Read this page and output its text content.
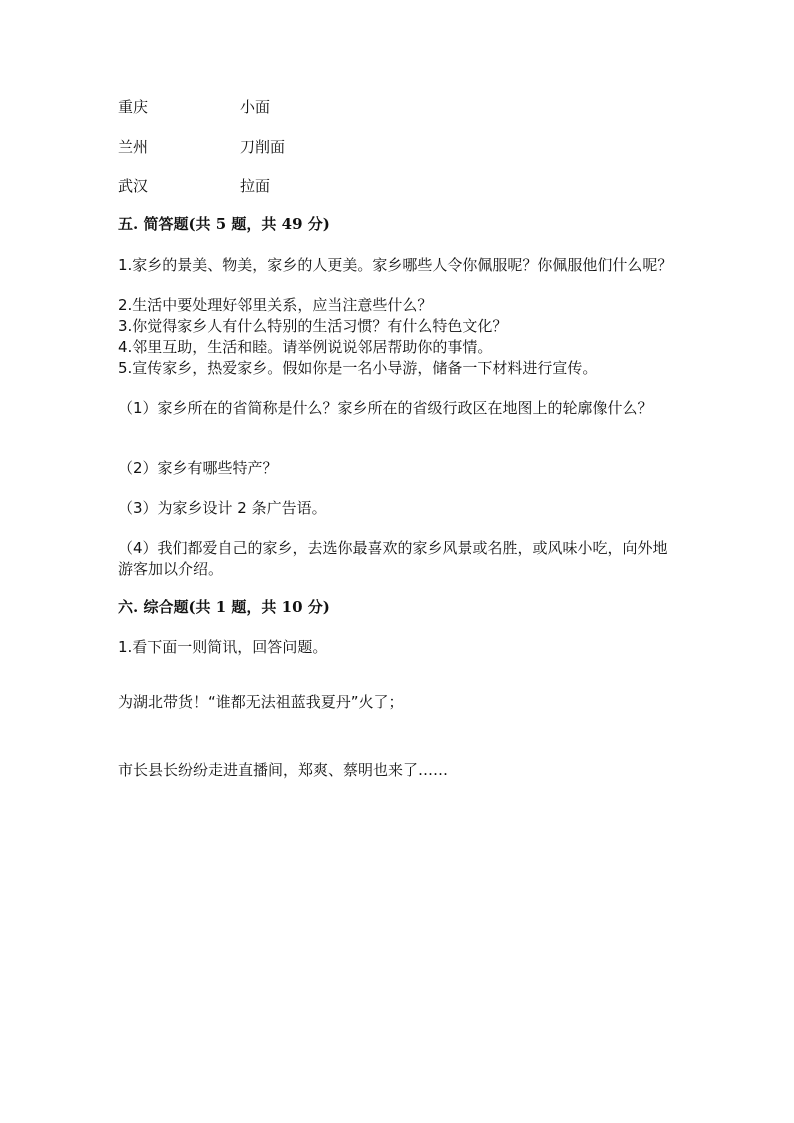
重庆	小面
兰州	刀削面
武汉	拉面
五. 简答题(共 5 题，共 49 分)
1.家乡的景美、物美，家乡的人更美。家乡哪些人令你佩服呢？你佩服他们什么呢？
2.生活中要处理好邻里关系，应当注意些什么？
3.你觉得家乡人有什么特别的生活习惯？有什么特色文化？
4.邻里互助，生活和睦。请举例说说邻居帮助你的事情。
5.宣传家乡，热爱家乡。假如你是一名小导游，储备一下材料进行宣传。
（1）家乡所在的省简称是什么？家乡所在的省级行政区在地图上的轮廓像什么？
（2）家乡有哪些特产？
（3）为家乡设计 2 条广告语。
（4）我们都爱自己的家乡，去选你最喜欢的家乡风景或名胜，或风味小吃，向外地游客加以介绍。
六. 综合题(共 1 题，共 10 分)
1.看下面一则简讯，回答问题。
为湖北带货！“谁都无法祖蓝我夏丹”火了；
市长县长纷纷走进直播间，郑爽、蔡明也来了……
